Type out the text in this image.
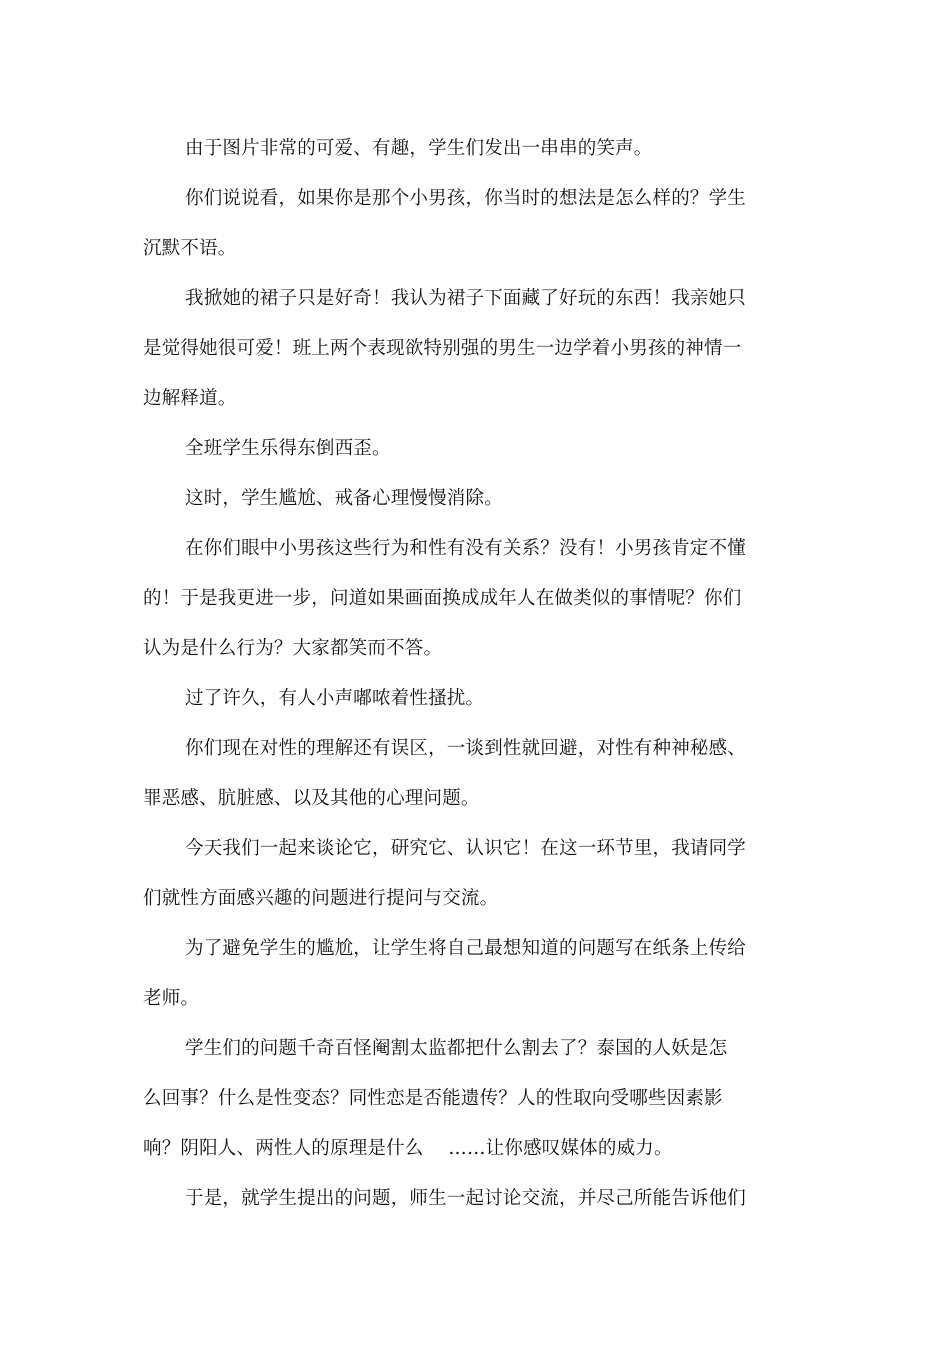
由于图片非常的可爱、有趣，学生们发出一串串的笑声。
你们说说看，如果你是那个小男孩，你当时的想法是怎么样的？学生
沉默不语。
我掀她的裙子只是好奇！我认为裙子下面藏了好玩的东西！我亲她只
是觉得她很可爱！班上两个表现欲特别强的男生一边学着小男孩的神情一
边解释道。
全班学生乐得东倒西歪。
这时，学生尴尬、戒备心理慢慢消除。
在你们眼中小男孩这些行为和性有没有关系？没有！小男孩肯定不懂
的！于是我更进一步，问道如果画面换成成年人在做类似的事情呢？你们
认为是什么行为？大家都笑而不答。
过了许久，有人小声嘟哝着性搔扰。
你们现在对性的理解还有误区，一谈到性就回避，对性有种神秘感、
罪恶感、肮脏感、以及其他的心理问题。
今天我们一起来谈论它，研究它、认识它！在这一环节里，我请同学
们就性方面感兴趣的问题进行提问与交流。
为了避免学生的尴尬，让学生将自己最想知道的问题写在纸条上传给
老师。
学生们的问题千奇百怪阉割太监都把什么割去了？泰国的人妖是怎
么回事？什么是性变态？同性恋是否能遗传？人的性取向受哪些因素影
响？阴阳人、两性人的原理是什么　 ……让你感叹媒体的威力。
于是，就学生提出的问题，师生一起讨论交流，并尽己所能告诉他们
